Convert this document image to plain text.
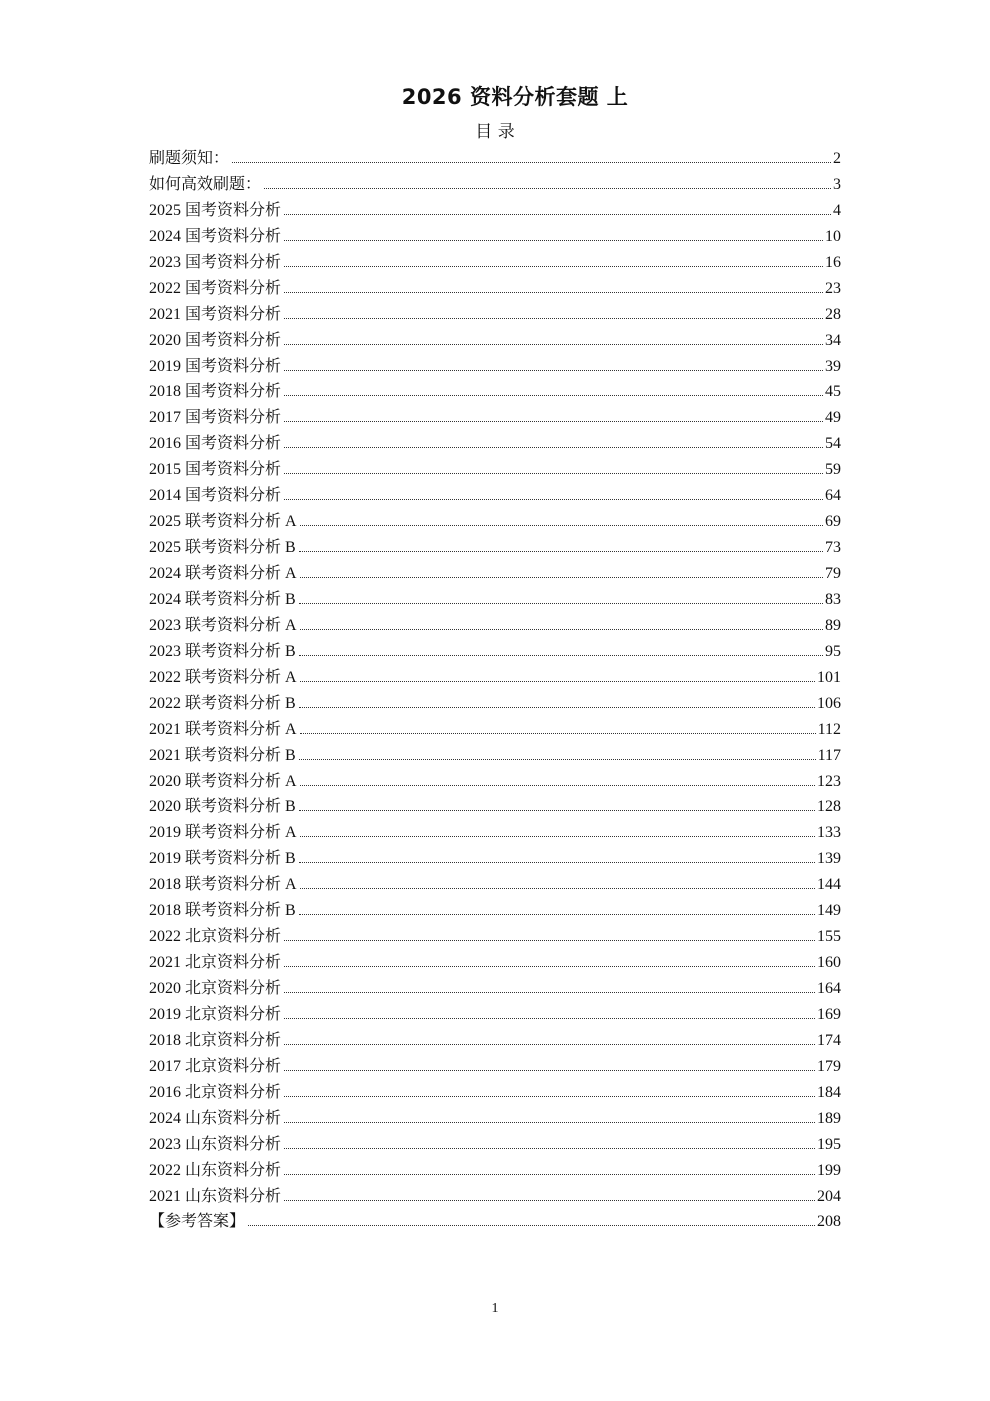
2026 资料分析套题 上
目 录
刷题须知：	2
如何高效刷题：	3
2025 国考资料分析	4
2024 国考资料分析	10
2023 国考资料分析	16
2022 国考资料分析	23
2021 国考资料分析	28
2020 国考资料分析	34
2019 国考资料分析	39
2018 国考资料分析	45
2017 国考资料分析	49
2016 国考资料分析	54
2015 国考资料分析	59
2014 国考资料分析	64
2025 联考资料分析 A	69
2025 联考资料分析 B	73
2024 联考资料分析 A	79
2024 联考资料分析 B	83
2023 联考资料分析 A	89
2023 联考资料分析 B	95
2022 联考资料分析 A	101
2022 联考资料分析 B	106
2021 联考资料分析 A	112
2021 联考资料分析 B	117
2020 联考资料分析 A	123
2020 联考资料分析 B	128
2019 联考资料分析 A	133
2019 联考资料分析 B	139
2018 联考资料分析 A	144
2018 联考资料分析 B	149
2022 北京资料分析	155
2021 北京资料分析	160
2020 北京资料分析	164
2019 北京资料分析	169
2018 北京资料分析	174
2017 北京资料分析	179
2016 北京资料分析	184
2024 山东资料分析	189
2023 山东资料分析	195
2022 山东资料分析	199
2021 山东资料分析	204
【参考答案】	208
1
